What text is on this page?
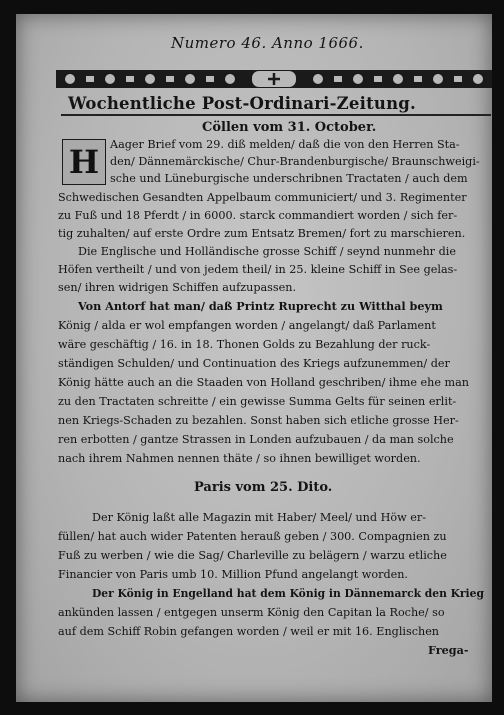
Numero 46. Anno 1666.
Wochentliche Post-Ordinari-Zeitung.
Cöllen vom 31. October.
H Aager Brief vom 29. diß melden/ daß die von den Herren Sta-
den/ Dännemärckische/ Chur-Brandenburgische/ Braunschweigi-
sche und Lüneburgische underschribnen Tractaten / auch dem
Schwedischen Gesandten Appelbaum communiciert/ und 3. Regimenter
zu Fuß und 18 Pferdt / in 6000. starck commandiert worden / sich fer-
tig zuhalten/ auf erste Ordre zum Entsatz Bremen/ fort zu marschieren.
Die Englische und Holländische grosse Schiff / seynd nunmehr die
Höfen vertheilt / und von jedem theil/ in 25. kleine Schiff in See gelas-
sen/ ihren widrigen Schiffen aufzupassen.
Von Antorf hat man/ daß Printz Ruprecht zu Witthal beym
König / alda er wol empfangen worden / angelangt/ daß Parlament
wäre geschäftig / 16. in 18. Thonen Golds zu Bezahlung der ruck-
ständigen Schulden/ und Continuation des Kriegs aufzunemmen/ der
König hätte auch an die Staaden von Holland geschriben/ ihme ehe man
zu den Tractaten schreitte / ein gewisse Summa Gelts für seinen erlit-
nen Kriegs-Schaden zu bezahlen. Sonst haben sich etliche grosse Her-
ren erbotten / gantze Strassen in Londen aufzubauen / da man solche
nach ihrem Nahmen nennen thäte / so ihnen bewilliget worden.
Paris vom 25. Dito.
Der König laßt alle Magazin mit Haber/ Meel/ und Höw er-
füllen/ hat auch wider Patenten herauß geben / 300. Compagnien zu
Fuß zu werben / wie die Sag/ Charleville zu belägern / warzu etliche
Financier von Paris umb 10. Million Pfund angelangt worden.
Der König in Engelland hat dem König in Dännemarck den Krieg
ankünden lassen / entgegen unserm König den Capitan la Roche/ so
auf dem Schiff Robin gefangen worden / weil er mit 16. Englischen
Frega-
